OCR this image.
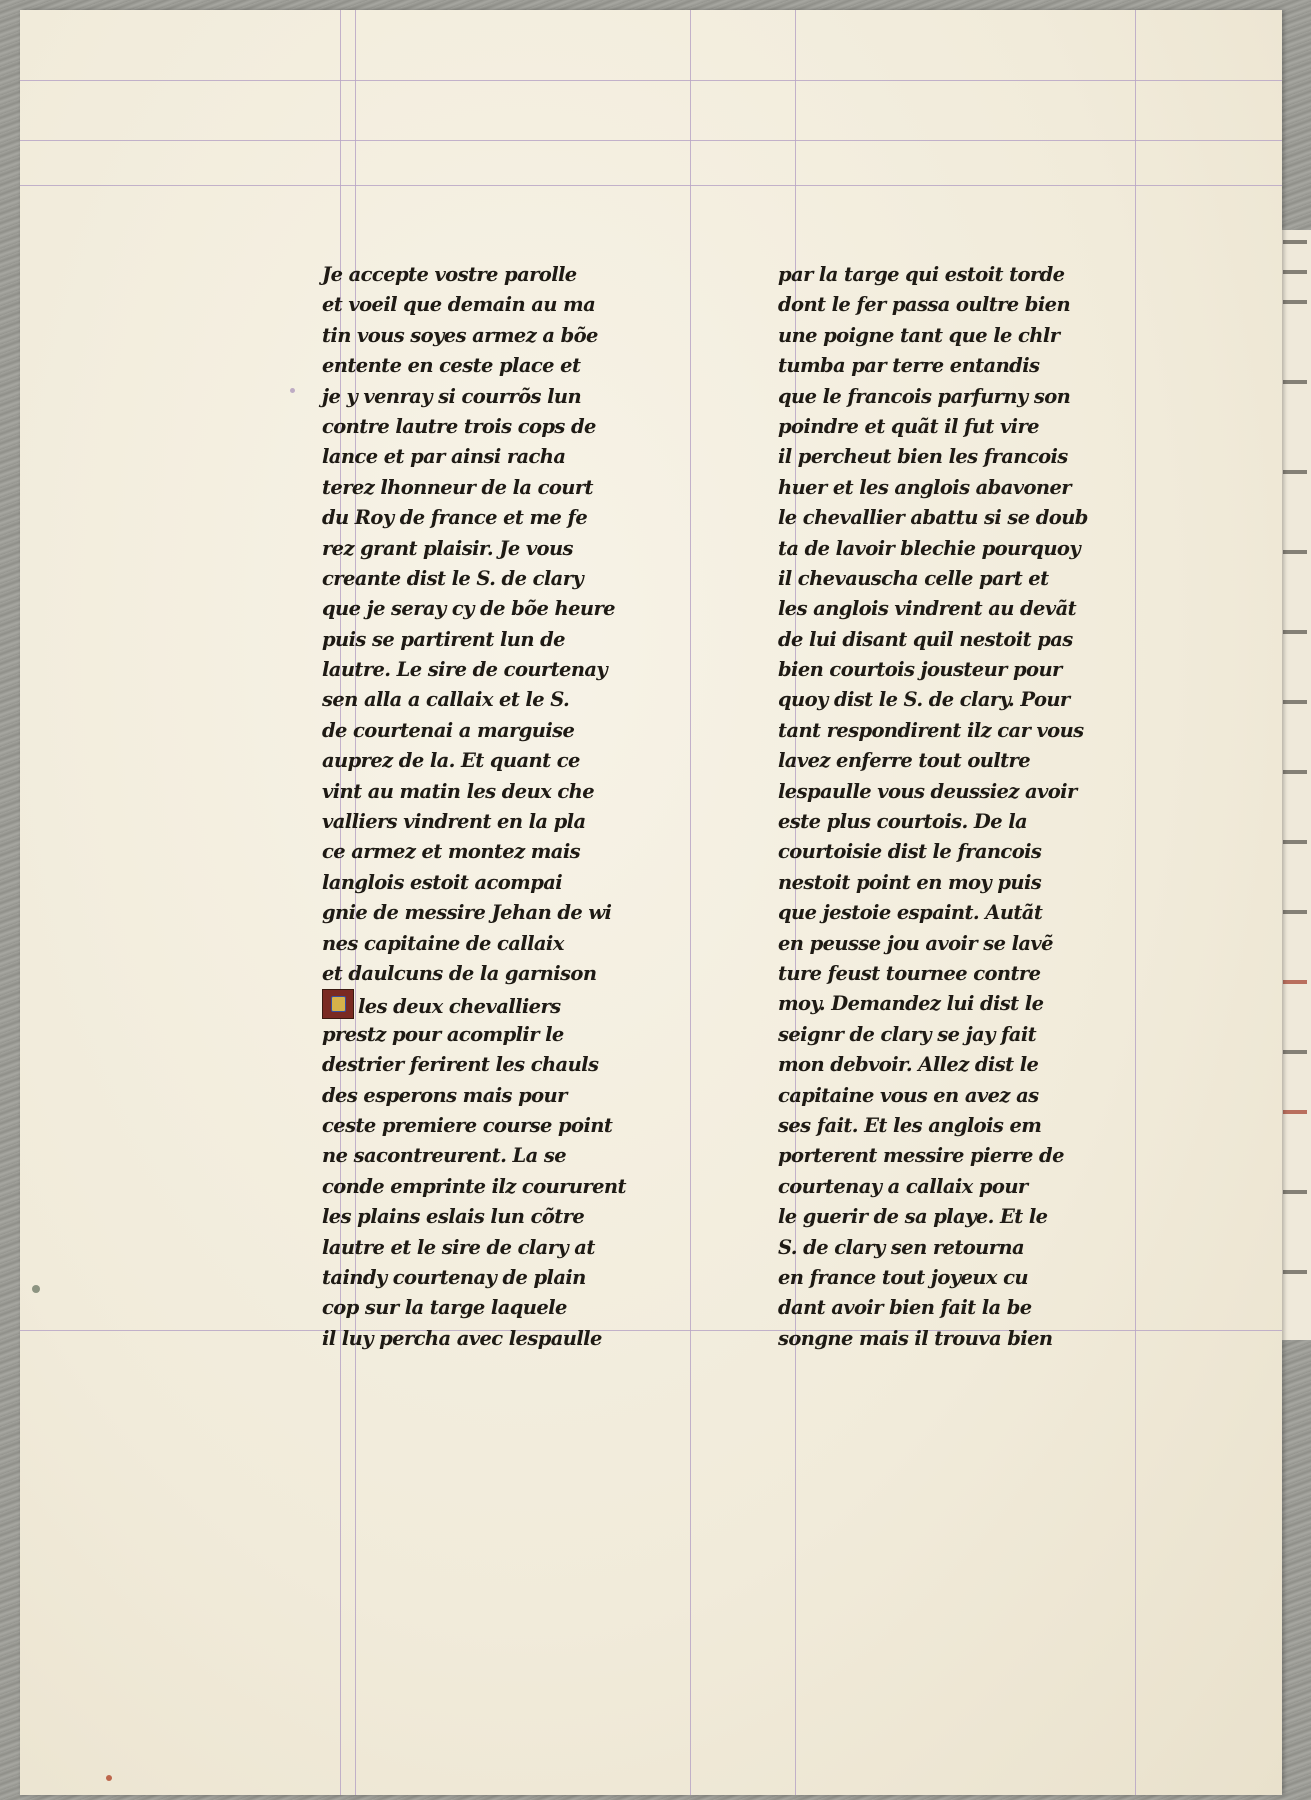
Je accepte vostre parolle
et voeil que demain au ma
tin vous soyes armez a bõe
entente en ceste place et
je y venray si courrõs lun
contre lautre trois cops de
lance et par ainsi racha
terez lhonneur de la court
du Roy de france et me fe
rez grant plaisir. Je vous
creante dist le S. de clary
que je seray cy de bõe heure
puis se partirent lun de
lautre. Le sire de courtenay
sen alla a callaix et le S.
de courtenai a marguise
auprez de la. Et quant ce
vint au matin les deux che
valliers vindrent en la pla
ce armez et montez mais
langlois estoit acompai
gnie de messire Jehan de wi
nes capitaine de callaix
et daulcuns de la garnison
les deux chevalliers
prestz pour acomplir le
destrier ferirent les chauls
des esperons mais pour
ceste premiere course point
ne sacontreurent. La se
conde emprinte ilz coururent
les plains eslais lun cõtre
lautre et le sire de clary at
taindy courtenay de plain
cop sur la targe laquele
il luy percha avec lespaulle
par la targe qui estoit torde
dont le fer passa oultre bien
une poigne tant que le chlr
tumba par terre entandis
que le francois parfurny son
poindre et quãt il fut vire
il percheut bien les francois
huer et les anglois abavoner
le chevallier abattu si se doub
ta de lavoir blechie pourquoy
il chevauscha celle part et
les anglois vindrent au devãt
de lui disant quil nestoit pas
bien courtois jousteur pour
quoy dist le S. de clary. Pour
tant respondirent ilz car vous
lavez enferre tout oultre
lespaulle vous deussiez avoir
este plus courtois. De la
courtoisie dist le francois
nestoit point en moy puis
que jestoie espaint. Autãt
en peusse jou avoir se lavẽ
ture feust tournee contre
moy. Demandez lui dist le
seignr de clary se jay fait
mon debvoir. Allez dist le
capitaine vous en avez as
ses fait. Et les anglois em
porterent messire pierre de
courtenay a callaix pour
le guerir de sa playe. Et le
S. de clary sen retourna
en france tout joyeux cu
dant avoir bien fait la be
songne mais il trouva bien
